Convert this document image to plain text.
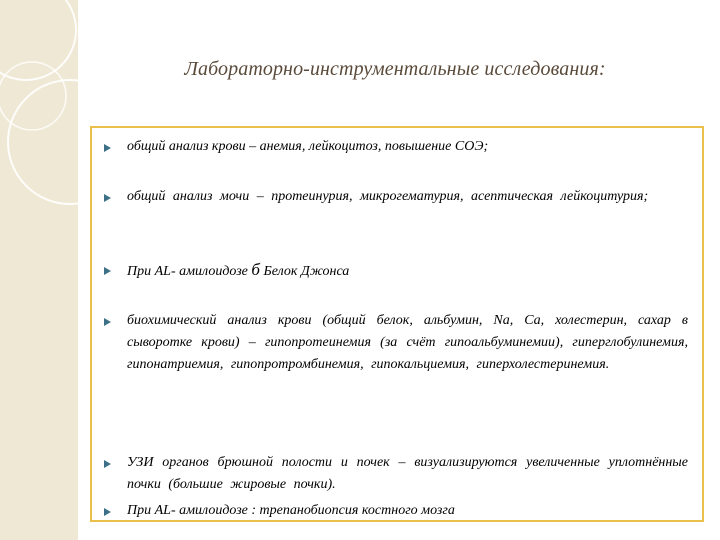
Лабораторно-инструментальные исследования:
общий анализ крови – анемия, лейкоцитоз, повышение СОЭ;
общий анализ мочи – протеинурия, микрогематурия, асептическая лейкоцитурия;
При AL- амилоидозе б Белок Джонса
биохимический анализ крови (общий белок, альбумин, Na, Ca, холестерин, сахар в сыворотке крови) – гипопротеинемия (за счёт гипоальбуминемии), гиперглобулинемия, гипонатриемия, гипопротромбинемия, гипокальциемия, гиперхолестеринемия.
УЗИ органов брюшной полости и почек – визуализируются увеличенные уплотнённые почки (большие жировые почки).
При AL- амилоидозе : трепанобиопсия костного мозга
